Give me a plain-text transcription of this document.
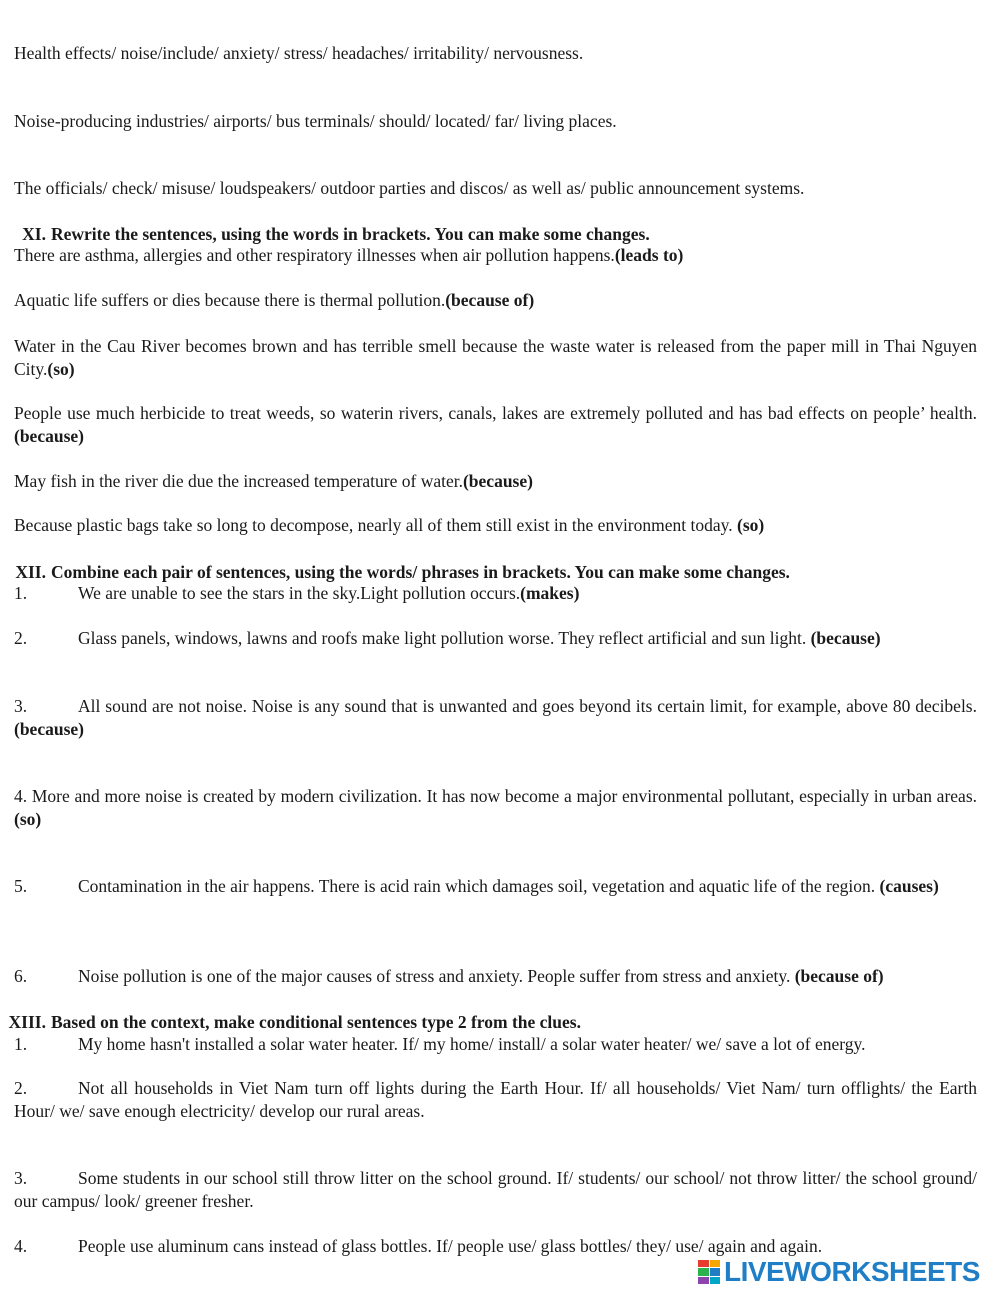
Health effects/ noise/include/ anxiety/ stress/ headaches/ irritability/ nervousness.
Noise-producing industries/ airports/ bus terminals/ should/ located/ far/ living places.
The officials/ check/ misuse/ loudspeakers/ outdoor parties and discos/ as well as/ public announcement systems.
XI. Rewrite the sentences, using the words in brackets. You can make some changes.
There are asthma, allergies and other respiratory illnesses when air pollution happens.(leads to)
Aquatic life suffers or dies because there is thermal pollution.(because of)
Water in the Cau River becomes brown and has terrible smell because the waste water is released from the paper mill in Thai Nguyen City.(so)
People use much herbicide to treat weeds, so waterin rivers, canals, lakes are extremely polluted and has bad effects on people’ health. (because)
May fish in the river die due the increased temperature of water.(because)
Because plastic bags take so long to decompose, nearly all of them still exist in the environment today. (so)
XII. Combine each pair of sentences, using the words/ phrases in brackets. You can make some changes.
1.	We are unable to see the stars in the sky.Light pollution occurs.(makes)
2.	Glass panels, windows, lawns and roofs make light pollution worse. They reflect artificial and sun light. (because)
3.	All sound are not noise. Noise is any sound that is unwanted and goes beyond its certain limit, for example, above 80 decibels. (because)
4. More and more noise is created by modern civilization. It has now become a major environmental pollutant, especially in urban areas. (so)
5.	Contamination in the air happens. There is acid rain which damages soil, vegetation and aquatic life of the region. (causes)
6.	Noise pollution is one of the major causes of stress and anxiety. People suffer from stress and anxiety. (because of)
XIII. Based on the context, make conditional sentences type 2 from the clues.
1.	My home hasn't installed a solar water heater. If/ my home/ install/ a solar water heater/ we/ save a lot of energy.
2.	Not all households in Viet Nam turn off lights during the Earth Hour. If/ all households/ Viet Nam/ turn offlights/ the Earth Hour/ we/ save enough electricity/ develop our rural areas.
3.	Some students in our school still throw litter on the school ground. If/ students/ our school/ not throw litter/ the school ground/ our campus/ look/ greener fresher.
4.	People use aluminum cans instead of glass bottles. If/ people use/ glass bottles/ they/ use/ again and again.
LIVEWORKSHEETS
